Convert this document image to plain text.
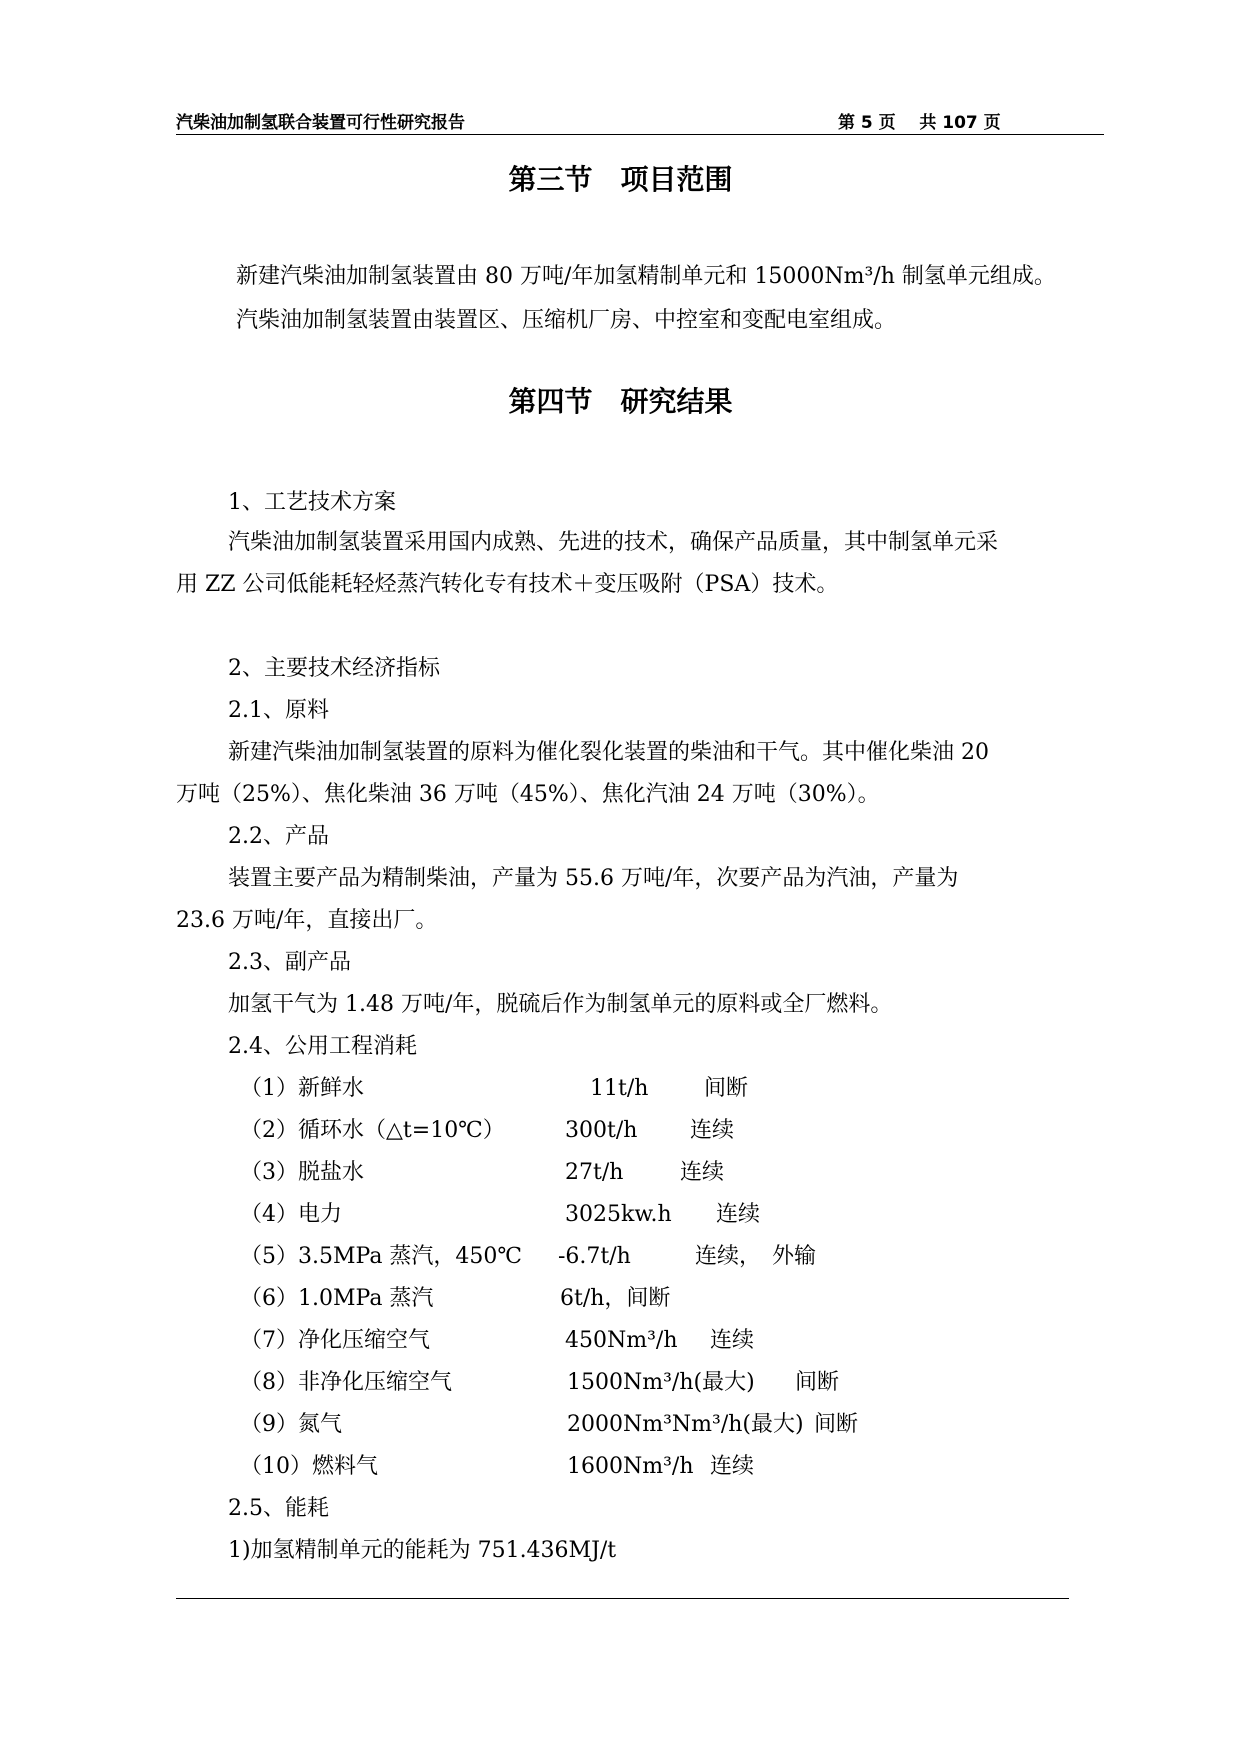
汽柴油加制氢联合装置可行性研究报告	第 5 页    共 107 页
第三节　项目范围
新建汽柴油加制氢装置由 80 万吨/年加氢精制单元和 15000Nm³/h 制氢单元组成。
汽柴油加制氢装置由装置区、压缩机厂房、中控室和变配电室组成。
第四节　研究结果
1、工艺技术方案
汽柴油加制氢装置采用国内成熟、先进的技术，确保产品质量，其中制氢单元采
用 ZZ 公司低能耗轻烃蒸汽转化专有技术＋变压吸附（PSA）技术。
2、主要技术经济指标
2.1、原料
新建汽柴油加制氢装置的原料为催化裂化装置的柴油和干气。其中催化柴油 20
万吨（25%）、焦化柴油 36 万吨（45%）、焦化汽油 24 万吨（30%）。
2.2、产品
装置主要产品为精制柴油，产量为 55.6 万吨/年，次要产品为汽油，产量为
23.6 万吨/年，直接出厂。
2.3、副产品
加氢干气为 1.48 万吨/年，脱硫后作为制氢单元的原料或全厂燃料。
2.4、公用工程消耗
（1）新鲜水	11t/h	间断
（2）循环水（△t=10℃）	300t/h 连续
（3）脱盐水	27t/h	连续
（4）电力	3025kw.h 连续
（5）3.5MPa 蒸汽，450℃ -6.7t/h	连续，　外输
（6）1.0MPa 蒸汽	6t/h，间断
（7）净化压缩空气	450Nm³/h 连续
（8）非净化压缩空气	1500Nm³/h(最大) 间断
（9）氮气	2000Nm³Nm³/h(最大) 间断
（10）燃料气	1600Nm³/h 连续
2.5、能耗
1)加氢精制单元的能耗为 751.436MJ/t
